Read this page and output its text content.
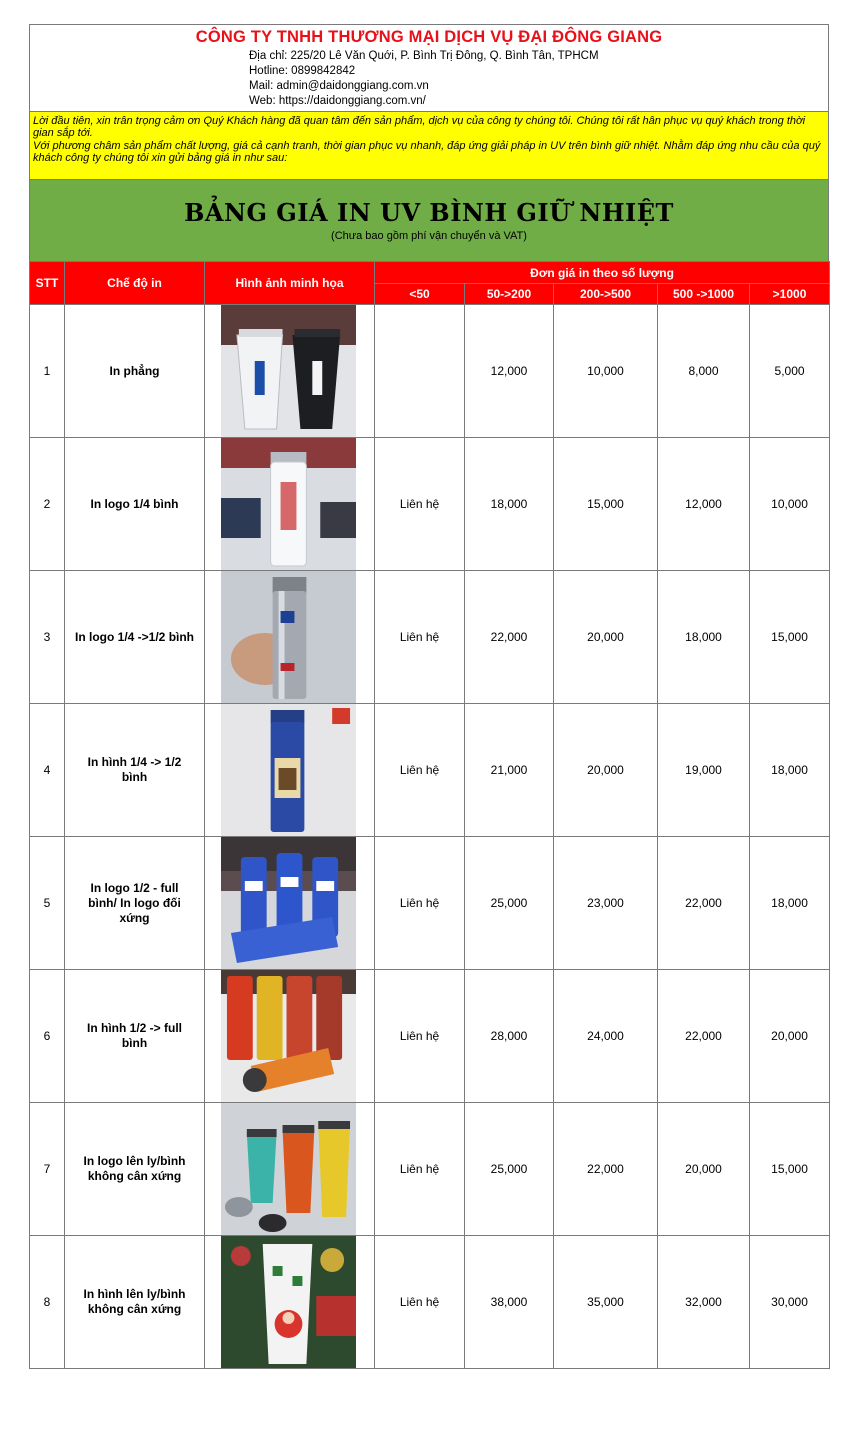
CÔNG TY TNHH THƯƠNG MẠI DỊCH VỤ ĐẠI ĐÔNG GIANG
Địa chỉ: 225/20 Lê Văn Quới, P. Bình Trị Đông, Q. Bình Tân, TPHCM
Hotline: 0899842842
Mail: admin@daidonggiang.com.vn
Web: https://daidonggiang.com.vn/

Lời đầu tiên, xin trân trọng cảm ơn Quý Khách hàng đã quan tâm đến sản phẩm, dịch vụ của công ty chúng tôi. Chúng tôi rất hân phục vụ quý khách trong thời gian sắp tới.

Với phương châm sản phẩm chất lượng, giá cả cạnh tranh, thời gian phục vụ nhanh, đáp ứng giải pháp in UV trên bình giữ nhiệt. Nhằm đáp ứng nhu cầu của quý khách công ty chúng tôi xin gửi bảng giá in như sau:

BẢNG GIÁ IN UV BÌNH GIỮ NHIỆT
(Chưa bao gồm phí vận chuyển và VAT)
STT	Chế độ in	Hình ảnh minh họa	Đơn giá in theo số lượng				
			<50	50->200	200->500	500 ->1000	>1000
1	In phẳng			12,000	10,000	8,000	5,000
2	In logo 1/4 bình		Liên hệ	18,000	15,000	12,000	10,000
3	In logo 1/4 ->1/2 bình		Liên hệ	22,000	20,000	18,000	15,000
4	In hình 1/4 -> 1/2 bình		Liên hệ	21,000	20,000	19,000	18,000
5	In logo 1/2 - full bình/ In logo đối xứng		Liên hệ	25,000	23,000	22,000	18,000
6	In hình 1/2 -> full bình		Liên hệ	28,000	24,000	22,000	20,000
7	In logo lên ly/bình không cân xứng		Liên hệ	25,000	22,000	20,000	15,000
8	In hình lên ly/bình không cân xứng		Liên hệ	38,000	35,000	32,000	30,000
